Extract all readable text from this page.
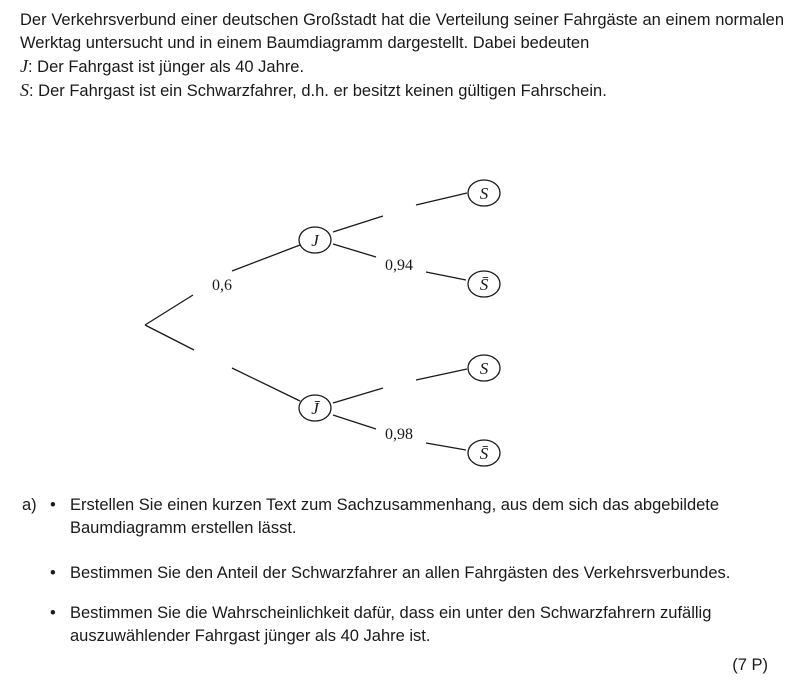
Der Verkehrsverbund einer deutschen Großstadt hat die Verteilung seiner Fahrgäste an einem normalen Werktag untersucht und in einem Baumdiagramm dargestellt. Dabei bedeuten

J: Der Fahrgast ist jünger als 40 Jahre.
S: Der Fahrgast ist ein Schwarzfahrer, d.h. er besitzt keinen gültigen Fahrschein.
J
J̄
S
S̄
S
S̄
0,6
0,94
0,98
a) • Erstellen Sie einen kurzen Text zum Sachzusammenhang, aus dem sich das abgebildete Baumdiagramm erstellen lässt.
• Bestimmen Sie den Anteil der Schwarzfahrer an allen Fahrgästen des Verkehrsverbundes.
• Bestimmen Sie die Wahrscheinlichkeit dafür, dass ein unter den Schwarzfahrern zufällig auszuwählender Fahrgast jünger als 40 Jahre ist.
(7 P)
